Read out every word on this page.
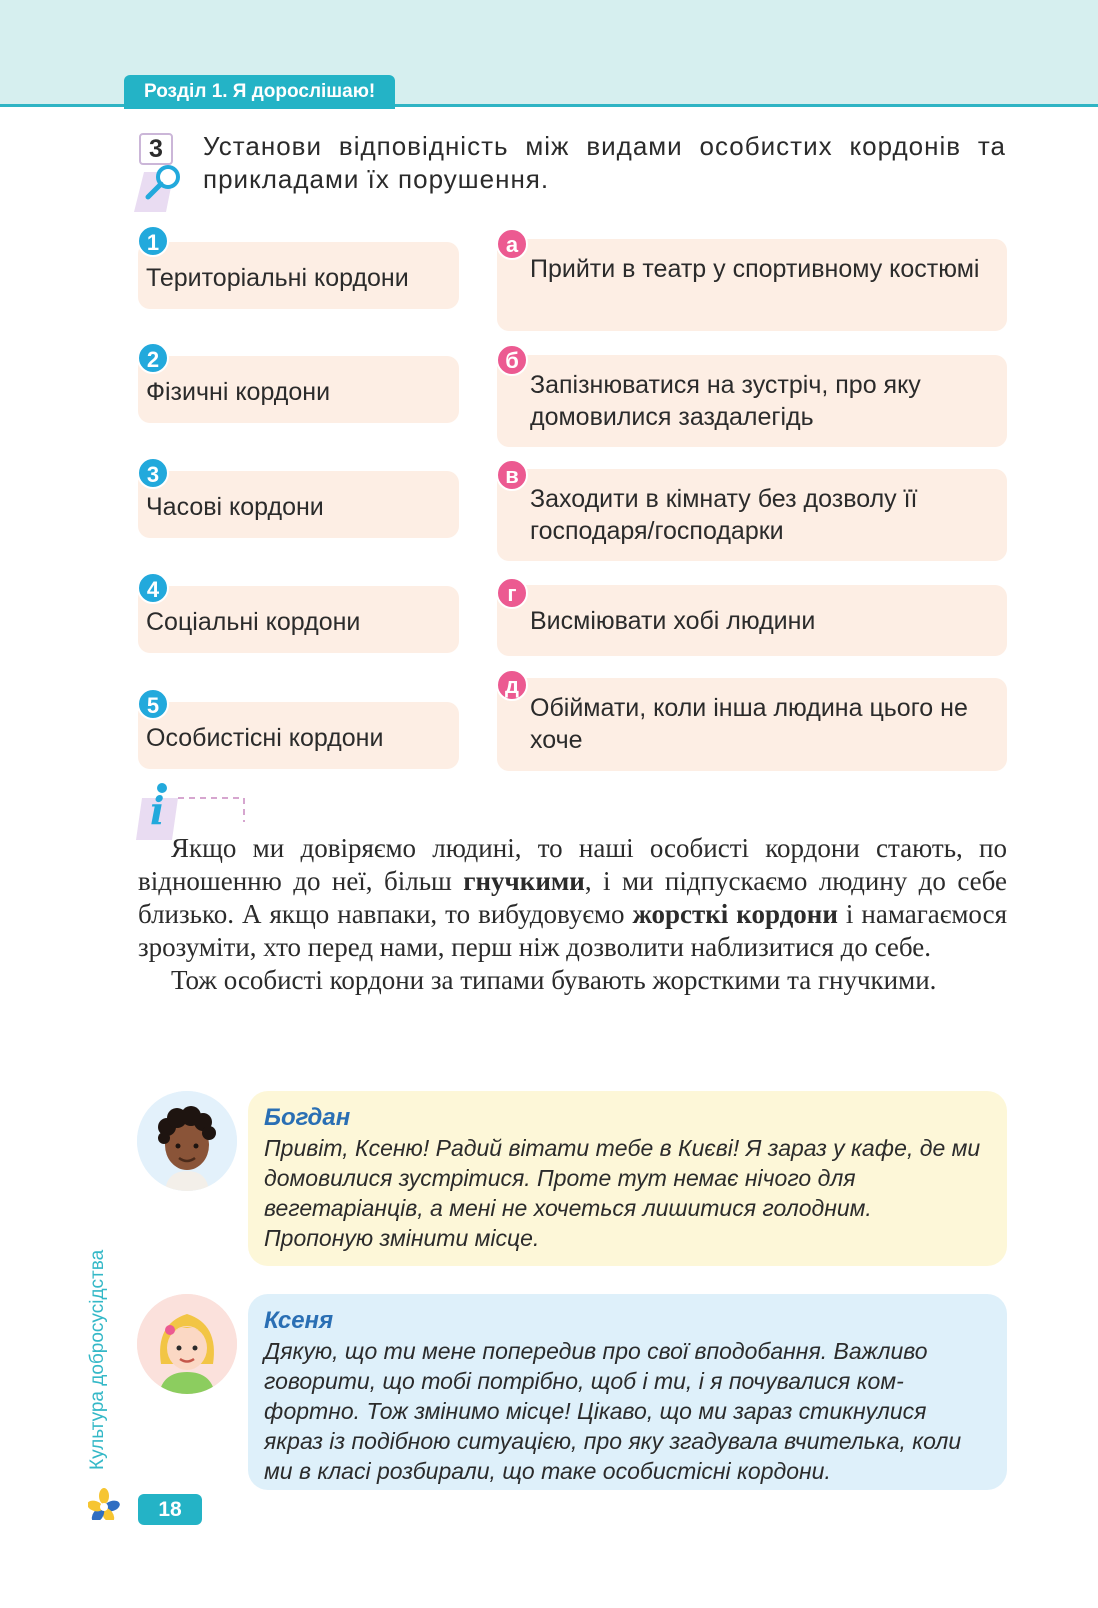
Розділ 1. Я дорослішаю!
3	Установи відповідність між видами особистих кордонів та прикладами їх порушення.
Територіальні кордони
1
Фізичні кордони
2
Часові кордони
3
Соціальні кордони
4
Особистісні кордони
5
Прийти в театр у спортивному костюмі
а
Запізнюватися на зустріч, про яку домовилися заздалегідь
б
Заходити в кімнату без дозволу її господаря/господарки
в
Висміювати хобі людини
г
Обіймати, коли інша людина цього не хоче
д
i

Якщо ми довіряємо людині, то наші особисті кордони стають, по відношенню до неї, більш гнучкими, і ми підпускаємо людину до себе близько. А якщо навпаки, то вибудовуємо жорсткі кордони і намагаємося зрозуміти, хто перед нами, перш ніж дозволити наблизитися до себе.

Тож особисті кордони за типами бувають жорсткими та гнучкими.

Богдан
Привіт, Ксеню! Радий вітати тебе в Києві! Я зараз у кафе, де ми домовилися зустрітися. Проте тут немає нічого для вегетаріанців, а мені не хочеться лишитися голодним. Пропоную змінити місце.
Ксеня
Дякую, що ти мене попередив про свої вподобання. Важливо говорити, що тобі потрібно, щоб і ти, і я почувалися комфортно. Тож змінимо місце! Цікаво, що ми зараз стикнулися якраз із подібною ситуацією, про яку згадувала вчителька, коли ми в класі розбирали, що таке особистісні кордони.
Культура добросусідства
18
